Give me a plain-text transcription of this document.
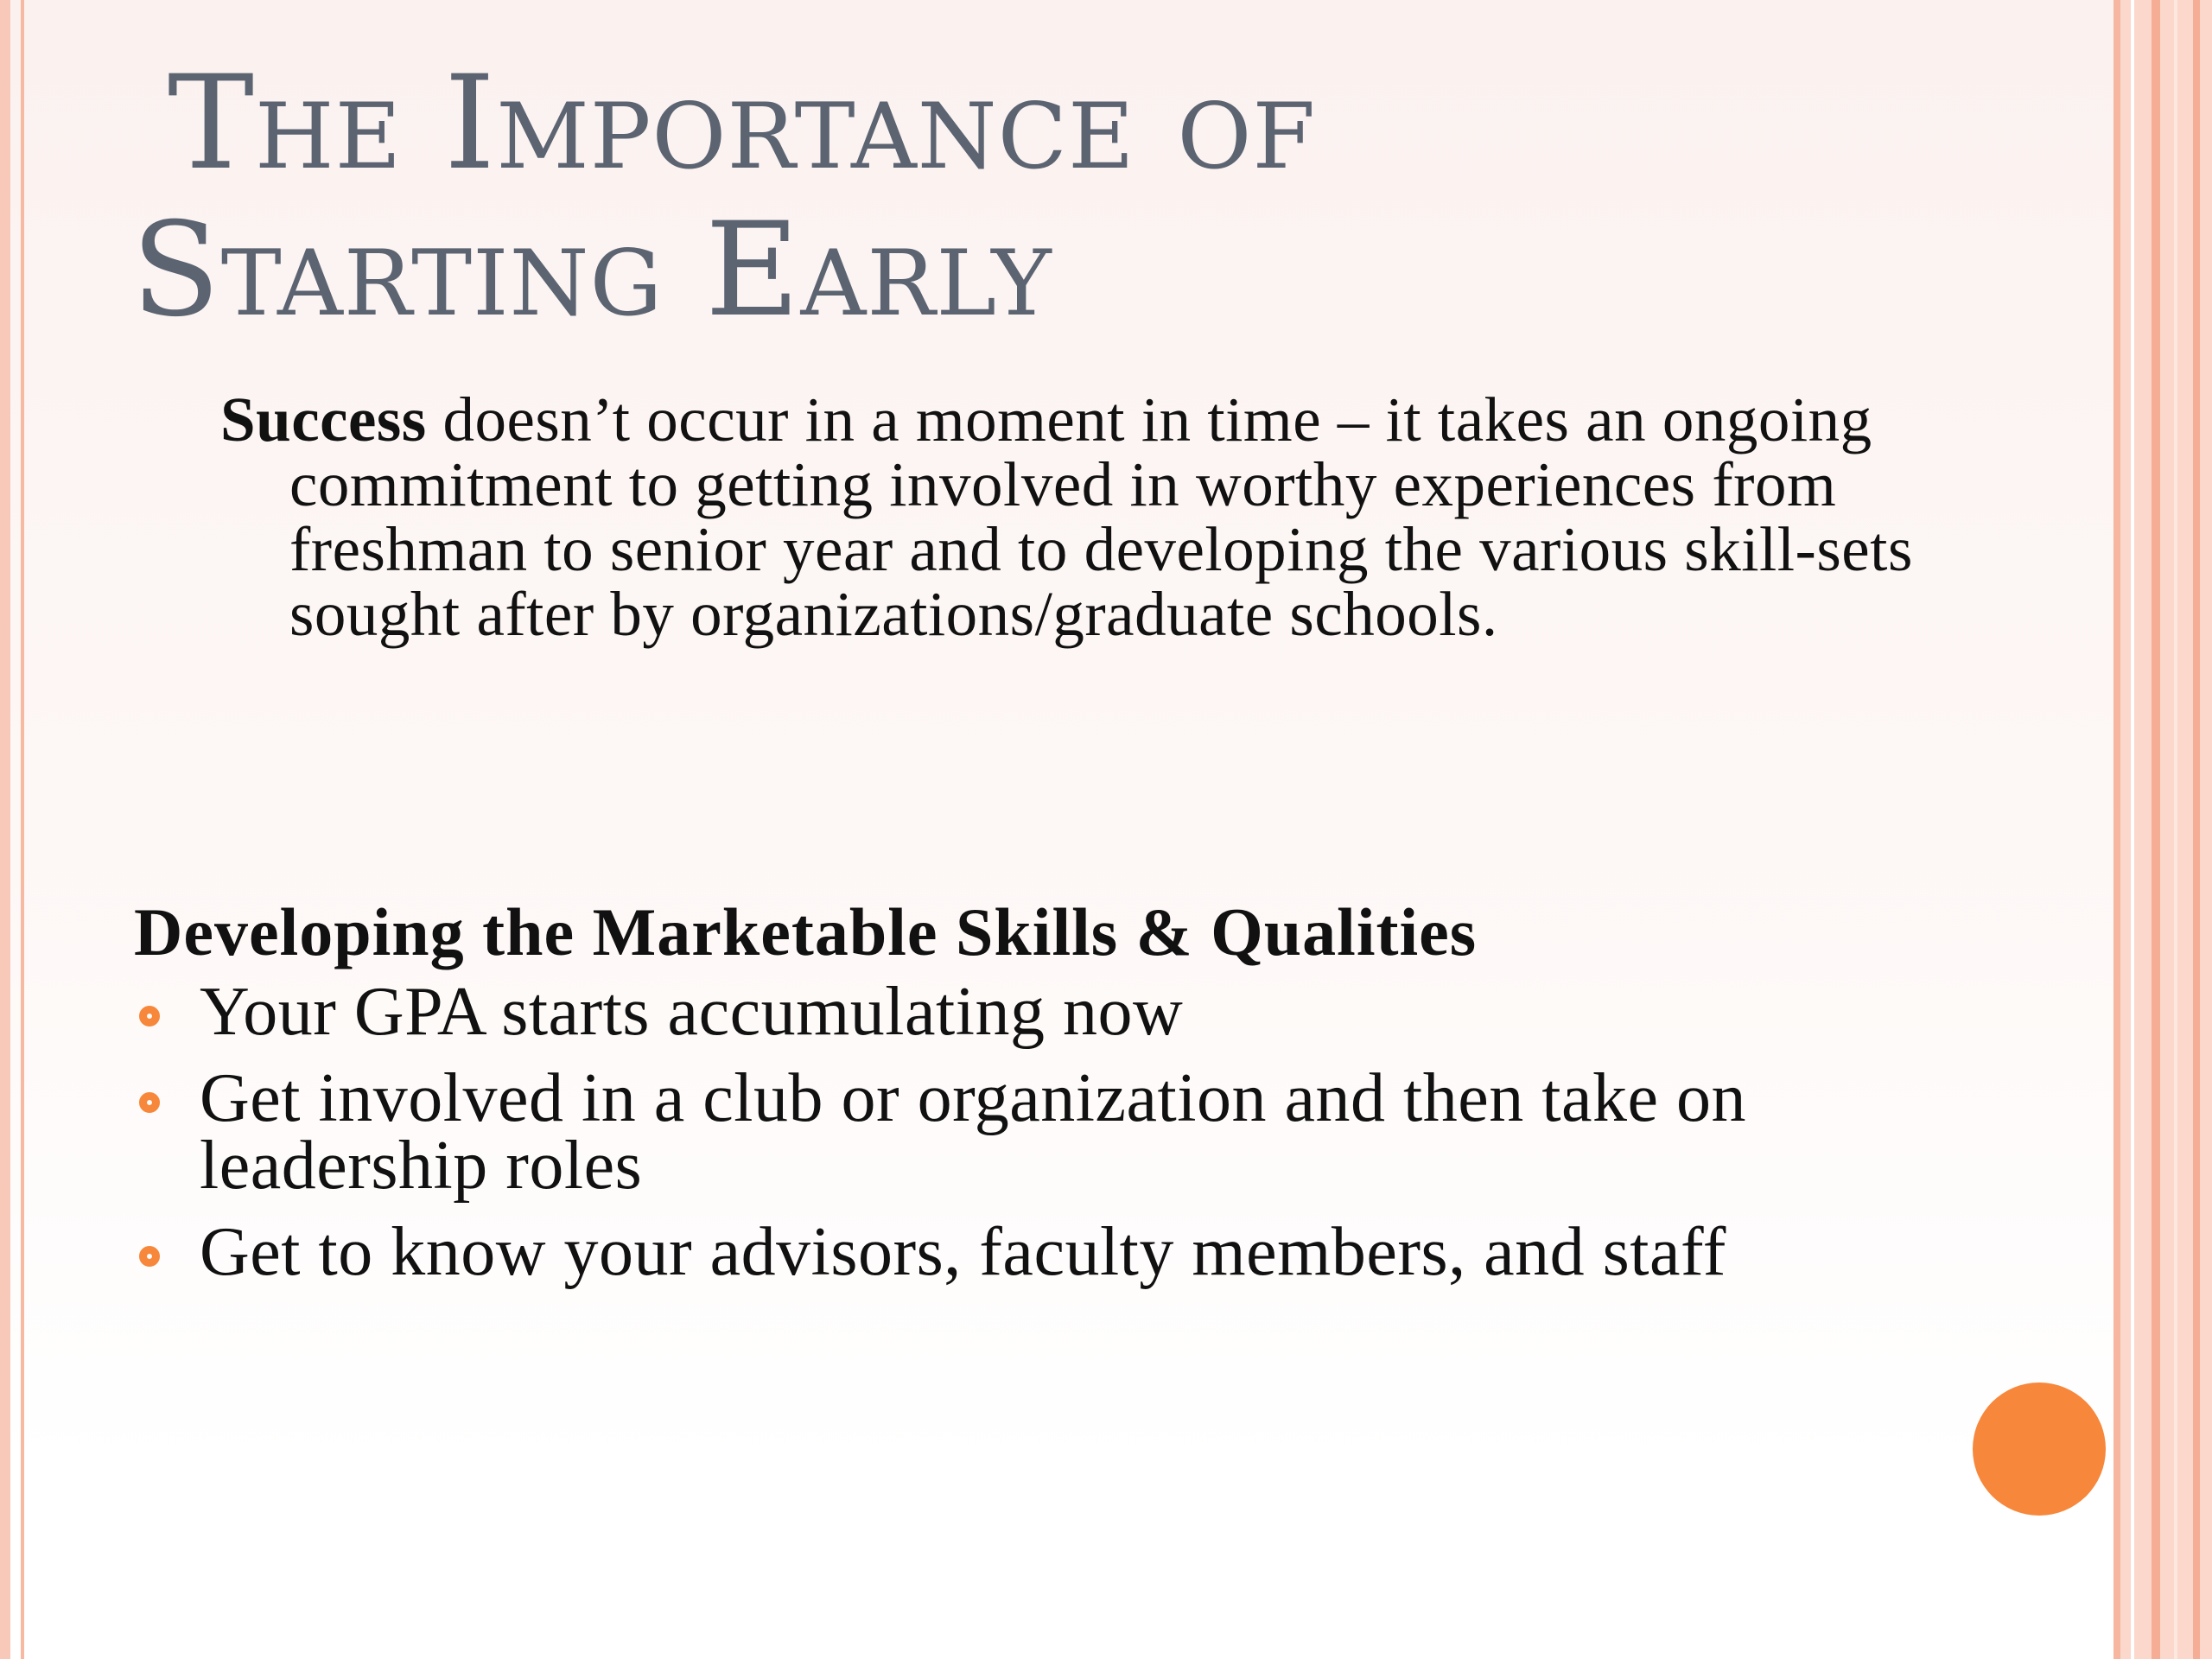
The Importance of
Starting Early

Success doesn’t occur in a moment in time – it takes an ongoing commitment to getting involved in worthy experiences from freshman to senior year and to developing the various skill-sets sought after by organizations/graduate schools.

Developing the Marketable Skills & Qualities
Your GPA starts accumulating now
Get involved in a club or organization and then take on leadership roles
Get to know your advisors, faculty members, and staff
